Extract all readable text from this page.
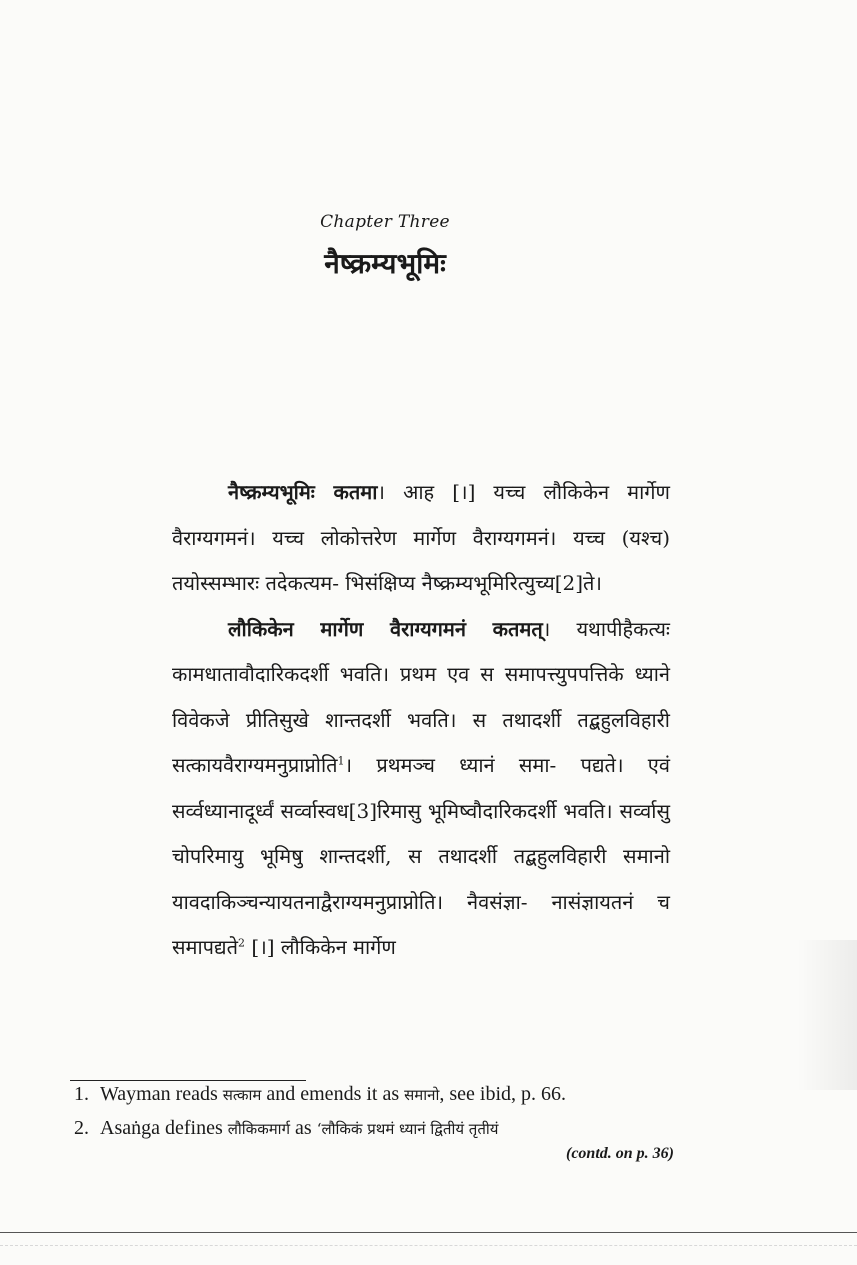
Chapter Three
नैष्क्रम्यभूमिः

नैष्क्रम्यभूमिः कतमा। आह [।] यच्च लौकिकेन मार्गेण वैराग्यगमनं। यच्च लोकोत्तरेण मार्गेण वैराग्यगमनं। यच्च (यश्च) तयोस्सम्भारः तदेकत्यम- भिसंक्षिप्य नैष्क्रम्यभूमिरित्युच्य[2]ते।

लौकिकेन मार्गेण वैराग्यगमनं कतमत्। यथापीहैकत्यः कामधातावौदारिकदर्शी भवति। प्रथम एव स समापत्त्युपपत्तिके ध्याने विवेकजे प्रीतिसुखे शान्तदर्शी भवति। स तथादर्शी तद्बहुलविहारी सत्कायवैराग्यमनुप्राप्नोति$^1$। प्रथमञ्च ध्यानं समा- पद्यते। एवं सर्व्वध्यानादूर्ध्वं सर्व्वास्वध[3]रिमासु भूमिष्वौदारिकदर्शी भवति। सर्व्वासु चोपरिमायु भूमिषु शान्तदर्शी, स तथादर्शी तद्बहुलविहारी समानो यावदाकिञ्चन्यायतनाद्वैराग्यमनुप्राप्नोति। नैवसंज्ञा- नासंज्ञायतनं च समापद्यते$^2$ [।] लौकिकेन मार्गेण

1. Wayman reads सत्काम and emends it as समानो, see ibid, p. 66.
2. Asaṅga defines लौकिकमार्ग as ‘लौकिकं प्रथमं ध्यानं द्वितीयं तृतीयं
(contd. on p. 36)
